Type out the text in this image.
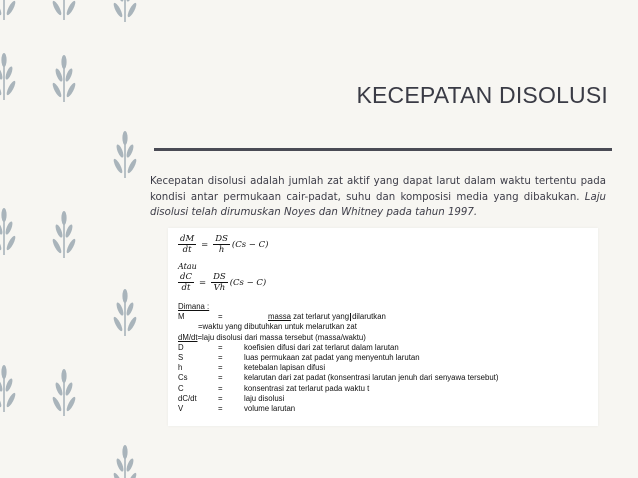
KECEPATAN DISOLUSI
Kecepatan disolusi adalah jumlah zat aktif yang dapat larut dalam waktu tertentu pada kondisi antar permukaan cair-padat, suhu dan komposisi media yang dibakukan. Laju disolusi telah dirumuskan Noyes dan Whitney pada tahun 1997.
$\frac{dM}{dt} = \frac{DS}{h} (Cs - C)$
Atau
$\frac{dC}{dt} = \frac{DS}{Vh} (Cs - C)$
Dimana :
M	=	massa zat terlarut yang dilarutkan
=waktu yang dibutuhkan untuk melarutkan zat
dM/dt=laju disolusi dari massa tersebut (massa/waktu)
D	=	koefisien difusi dari zat terlarut dalam larutan
S	=	luas permukaan zat padat yang menyentuh larutan
h	=	ketebalan lapisan difusi
Cs	=	kelarutan dari zat padat (konsentrasi larutan jenuh dari senyawa tersebut)
C	=	konsentrasi zat terlarut pada waktu t
dC/dt	=	laju disolusi
V	=	volume larutan
